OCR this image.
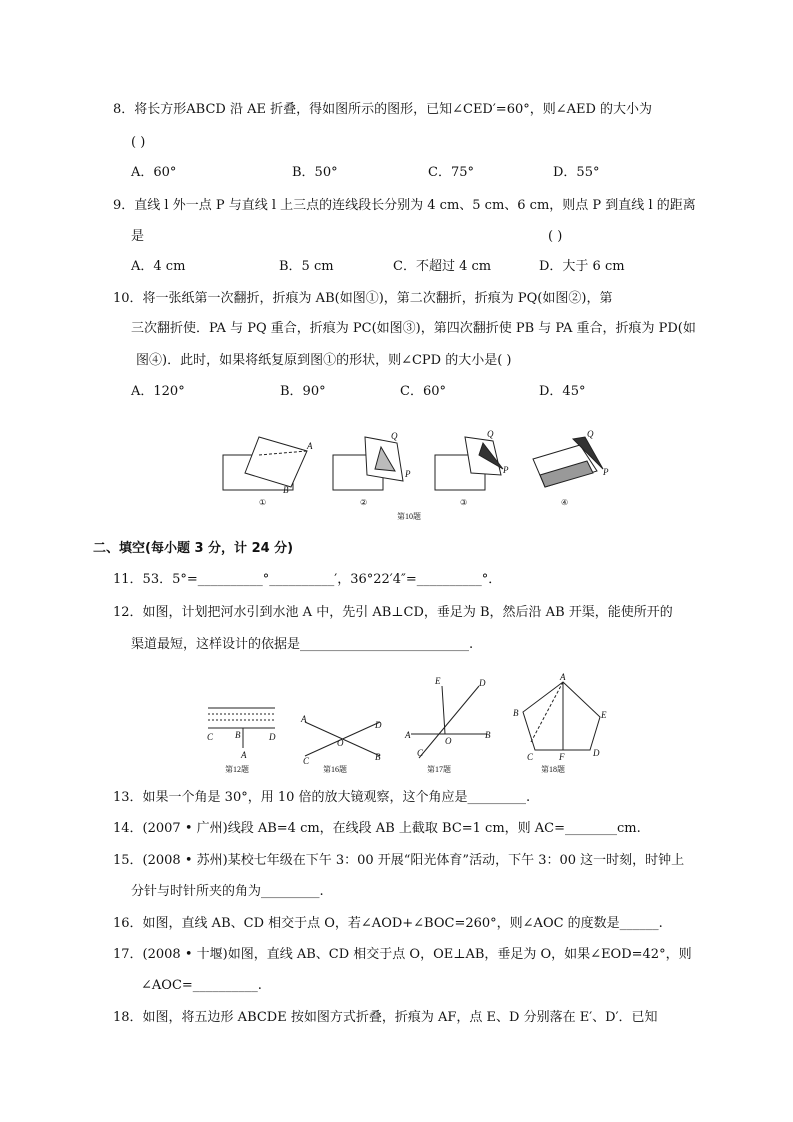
8．将长方形ABCD 沿 AE 折叠，得如图所示的图形，已知∠CED′=60°，则∠AED 的大小为
( )
A．60°	B．50°	C．75°	D．55°
9．直线 l 外一点 P 与直线 l 上三点的连线段长分别为 4 cm、5 cm、6 cm，则点 P 到直线 l 的距离
是	( )
A．4 cm	B．5 cm	C．不超过 4 cm	D．大于 6 cm
10．将一张纸第一次翻折，折痕为 AB(如图①)，第二次翻折，折痕为 PQ(如图②)，第
三次翻折使．PA 与 PQ 重合，折痕为 PC(如图③)，第四次翻折使 PB 与 PA 重合，折痕为 PD(如
图④)．此时，如果将纸复原到图①的形状，则∠CPD 的大小是( )
A．120°	B．90°	C．60°	D．45°
A
B
Q
P
Q
P
Q
P
①	②	③	④
第10题
二、填空(每小题 3 分，计 24 分)
11．53．5°=__________°__________′，36°22′4″=__________°．
12．如图，计划把河水引到水池 A 中，先引 AB⊥CD，垂足为 B，然后沿 AB 开渠，能使所开的
渠道最短，这样设计的依据是__________________________.
C	D
B
A
A
D
C	B
O
A	B
E	D
C
O
A
B	E
C	D
F
第12题	第16题	第17题	第18题
13．如果一个角是 30°，用 10 倍的放大镜观察，这个角应是_________.
14．(2007 • 广州)线段 AB=4 cm，在线段 AB 上截取 BC=1 cm，则 AC=________cm.
15．(2008 • 苏州)某校七年级在下午 3：00 开展“阳光体育”活动，下午 3：00 这一时刻，时钟上
分针与时针所夹的角为_________.
16．如图，直线 AB、CD 相交于点 O，若∠AOD+∠BOC=260°，则∠AOC 的度数是______.
17．(2008 • 十堰)如图，直线 AB、CD 相交于点 O，OE⊥AB，垂足为 O，如果∠EOD=42°，则
∠AOC=__________.
18．如图，将五边形 ABCDE 按如图方式折叠，折痕为 AF，点 E、D 分别落在 E′、D′．已知
